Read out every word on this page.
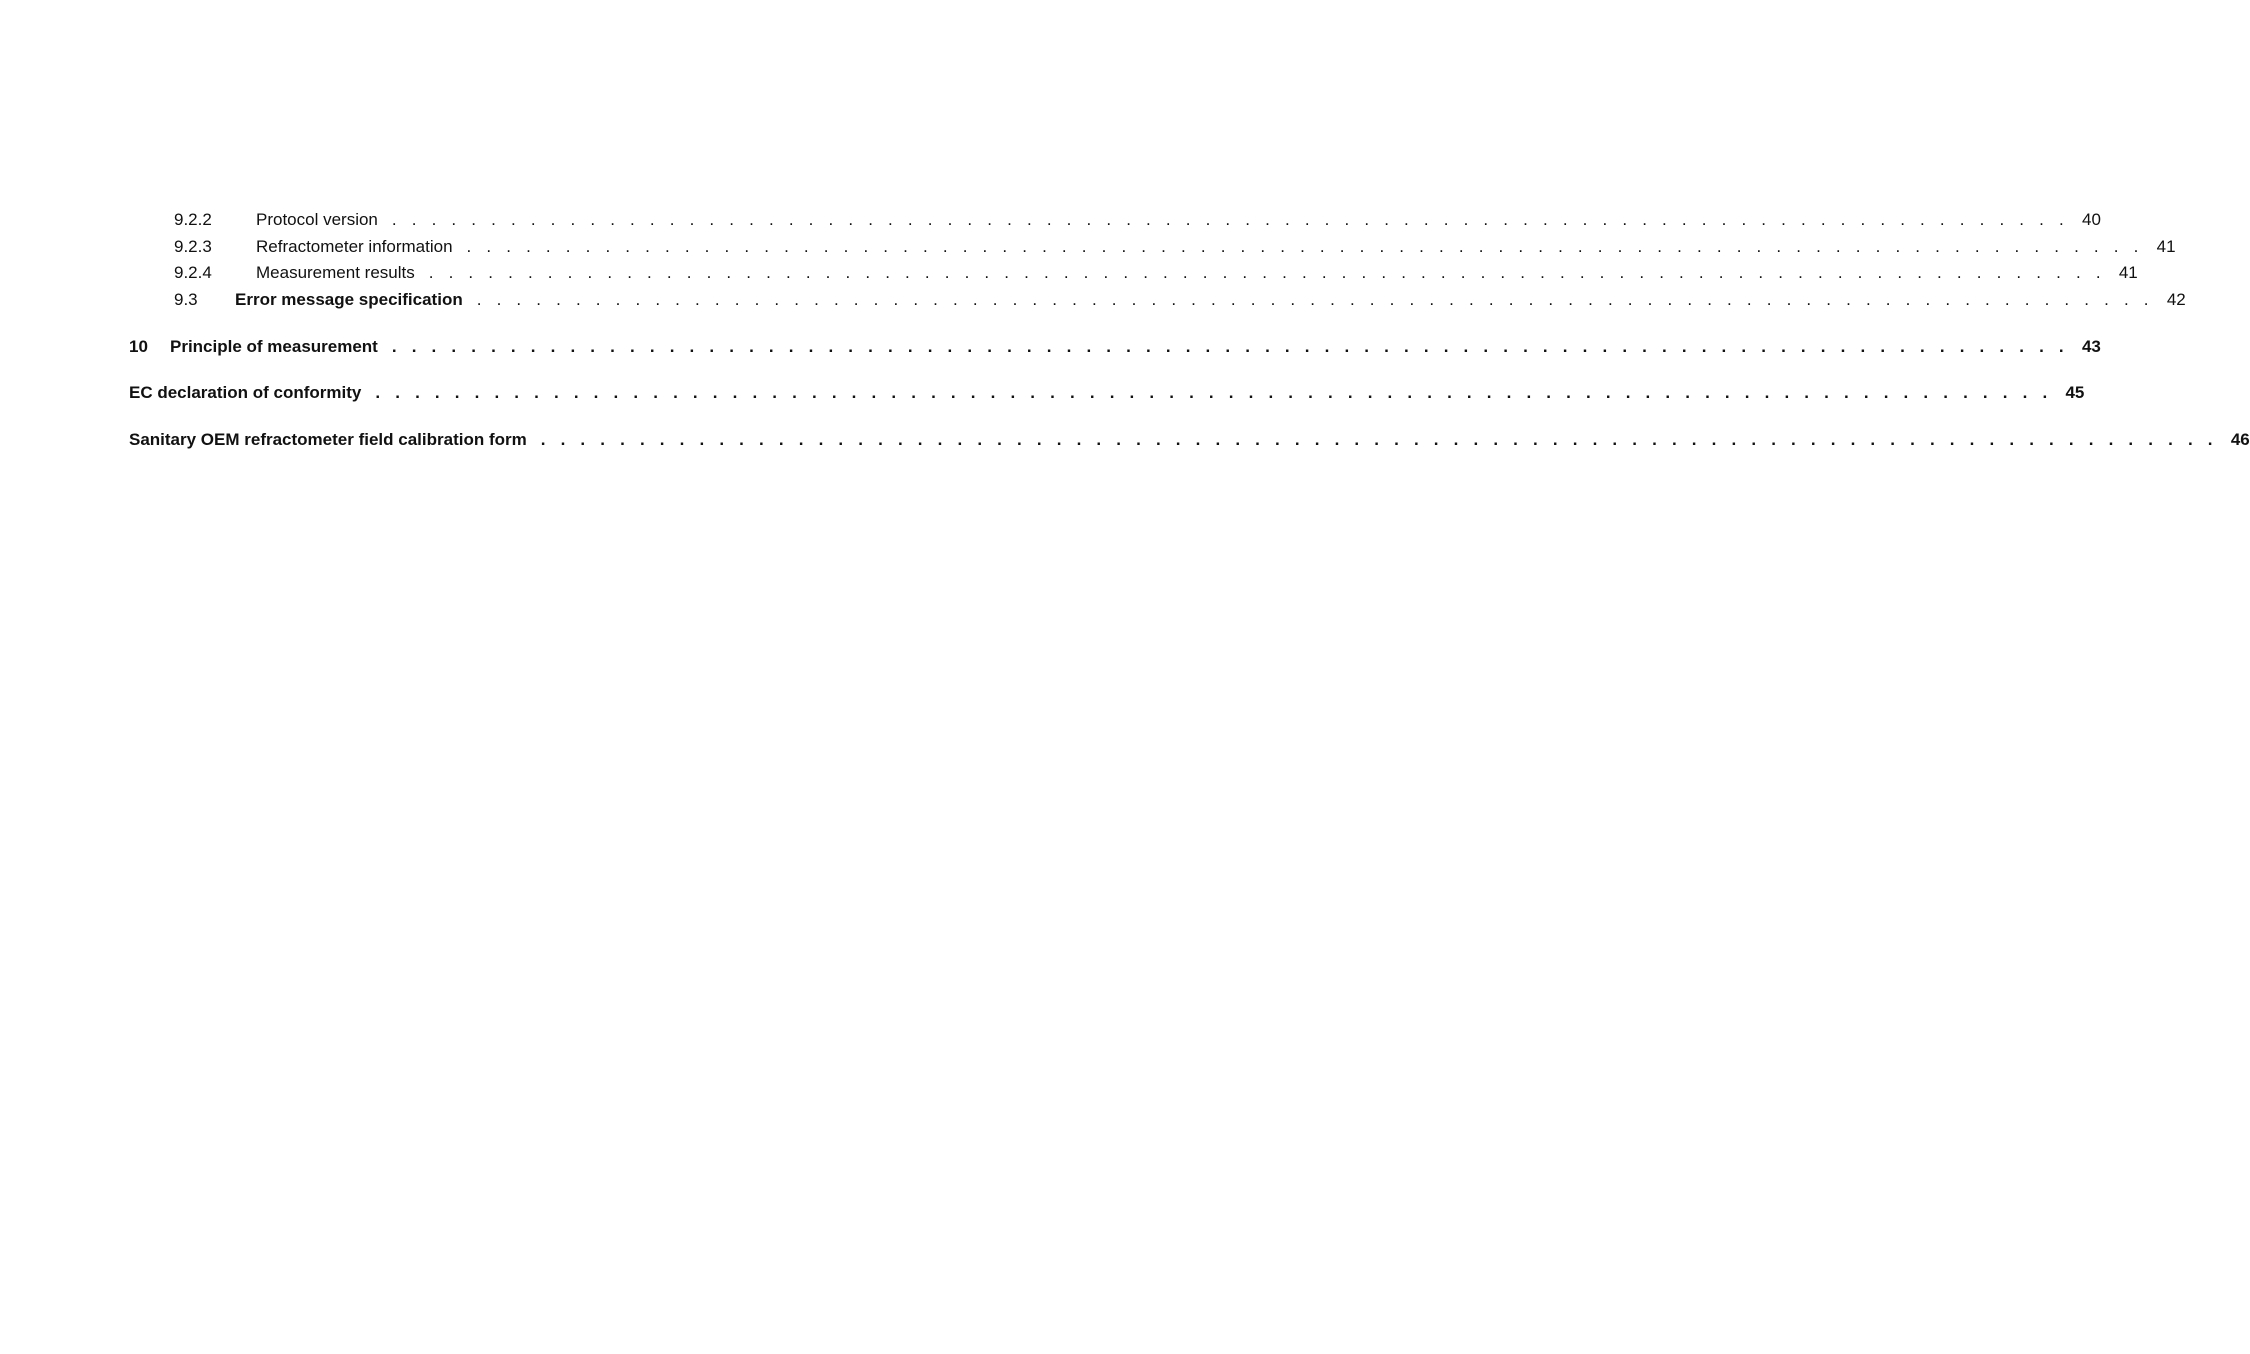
9.2.2	Protocol version . . . . . . . . . . . . . . . . . . . . . . . . . . . . . . . . . . . . . . . . . . . . . . . . . . . . . . . . . . . . . . . . . . . . . . . . . . . . . . . . . . . . . 40
9.2.3	Refractometer information . . . . . . . . . . . . . . . . . . . . . . . . . . . . . . . . . . . . . . . . . . . . . . . . . . . . . . . . . . . . . . . . . . . . . . . . . . . . . . . . . . . . . 41
9.2.4	Measurement results . . . . . . . . . . . . . . . . . . . . . . . . . . . . . . . . . . . . . . . . . . . . . . . . . . . . . . . . . . . . . . . . . . . . . . . . . . . . . . . . . . . . . 41
9.3	Error message specification . . . . . . . . . . . . . . . . . . . . . . . . . . . . . . . . . . . . . . . . . . . . . . . . . . . . . . . . . . . . . . . . . . . . . . . . . . . . . . . . . . . . . 42
10	Principle of measurement . . . . . . . . . . . . . . . . . . . . . . . . . . . . . . . . . . . . . . . . . . . . . . . . . . . . . . . . . . . . . . . . . . . . . . . . . . . . . . . . . . . . . 43
EC declaration of conformity . . . . . . . . . . . . . . . . . . . . . . . . . . . . . . . . . . . . . . . . . . . . . . . . . . . . . . . . . . . . . . . . . . . . . . . . . . . . . . . . . . . . . 45
Sanitary OEM refractometer field calibration form . . . . . . . . . . . . . . . . . . . . . . . . . . . . . . . . . . . . . . . . . . . . . . . . . . . . . . . . . . . . . . . . . . . . . . . . . . . . . . . . . . . . . 46
